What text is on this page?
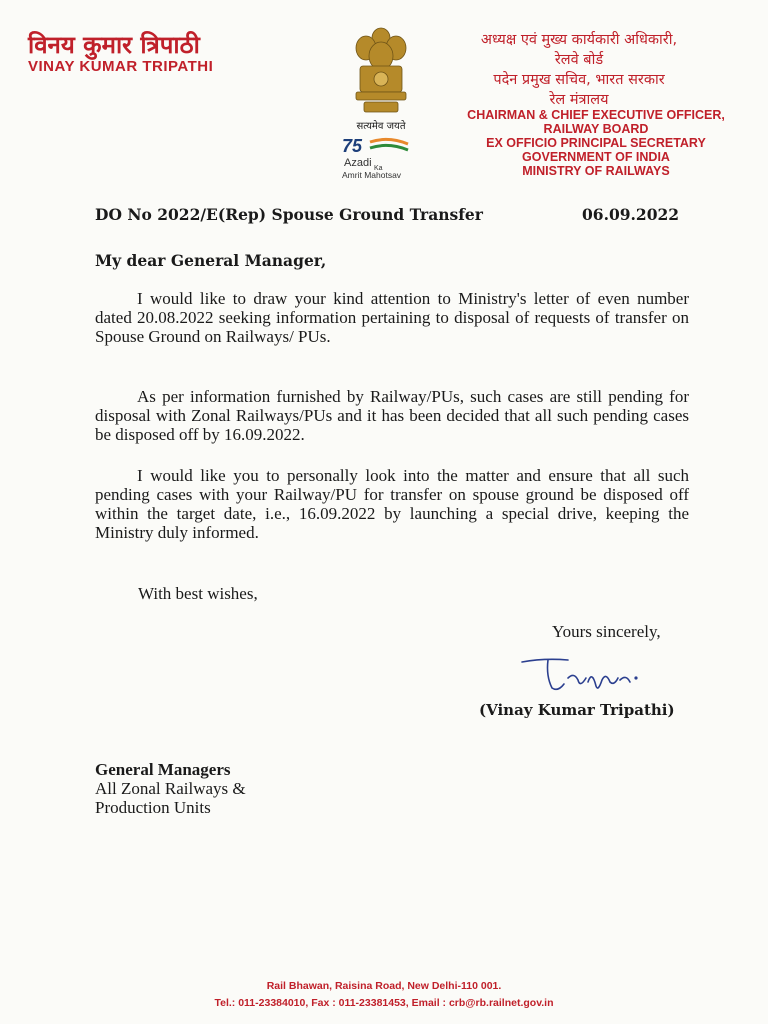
विनय कुमार त्रिपाठी
VINAY KUMAR TRIPATHI
सत्यमेव जयते
75
Azadi Ka
Amrit Mahotsav
अध्यक्ष एवं मुख्य कार्यकारी अधिकारी,
रेलवे बोर्ड
पदेन प्रमुख सचिव, भारत सरकार
रेल मंत्रालय
CHAIRMAN & CHIEF EXECUTIVE OFFICER,
RAILWAY BOARD
EX OFFICIO PRINCIPAL SECRETARY
GOVERNMENT OF INDIA
MINISTRY OF RAILWAYS
DO No 2022/E(Rep) Spouse Ground Transfer	06.09.2022
My dear General Manager,
I would like to draw your kind attention to Ministry's letter of even number dated 20.08.2022 seeking information pertaining to disposal of requests of transfer on Spouse Ground on Railways/ PUs.
As per information furnished by Railway/PUs, such cases are still pending for disposal with Zonal Railways/PUs and it has been decided that all such pending cases be disposed off by 16.09.2022.
I would like you to personally look into the matter and ensure that all such pending cases with your Railway/PU for transfer on spouse ground be disposed off within the target date, i.e., 16.09.2022 by launching a special drive, keeping the Ministry duly informed.
With best wishes,
Yours sincerely,
(Vinay Kumar Tripathi)
General Managers
All Zonal Railways &
Production Units
Rail Bhawan, Raisina Road, New Delhi-110 001.
Tel.: 011-23384010, Fax : 011-23381453, Email : crb@rb.railnet.gov.in
